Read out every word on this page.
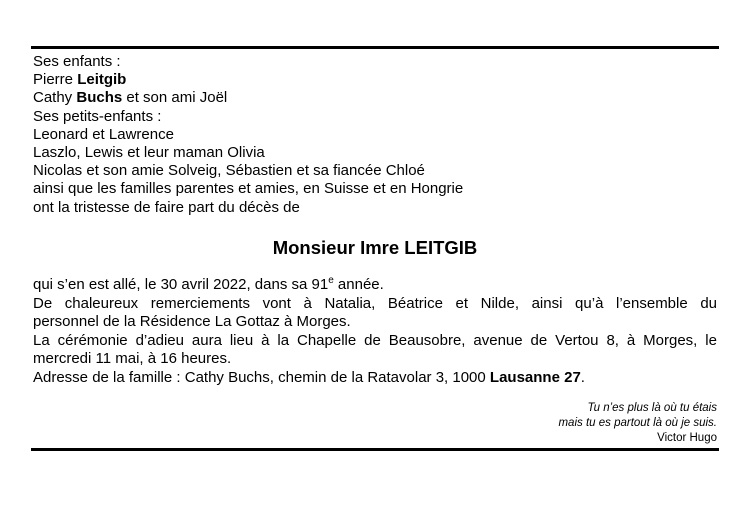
Ses enfants :
Pierre Leitgib
Cathy Buchs et son ami Joël
Ses petits-enfants :
Leonard et Lawrence
Laszlo, Lewis et leur maman Olivia
Nicolas et son amie Solveig, Sébastien et sa fiancée Chloé
ainsi que les familles parentes et amies, en Suisse et en Hongrie
ont la tristesse de faire part du décès de
Monsieur Imre LEITGIB
qui s’en est allé, le 30 avril 2022, dans sa 91e année.
De chaleureux remerciements vont à Natalia, Béatrice et Nilde, ainsi qu’à l’ensemble du
personnel de la Résidence La Gottaz à Morges.
La cérémonie d’adieu aura lieu à la Chapelle de Beausobre, avenue de Vertou 8, à Morges, le
mercredi 11 mai, à 16 heures.
Adresse de la famille : Cathy Buchs, chemin de la Ratavolar 3, 1000 Lausanne 27.
Tu n’es plus là où tu étais
mais tu es partout là où je suis.
Victor Hugo
